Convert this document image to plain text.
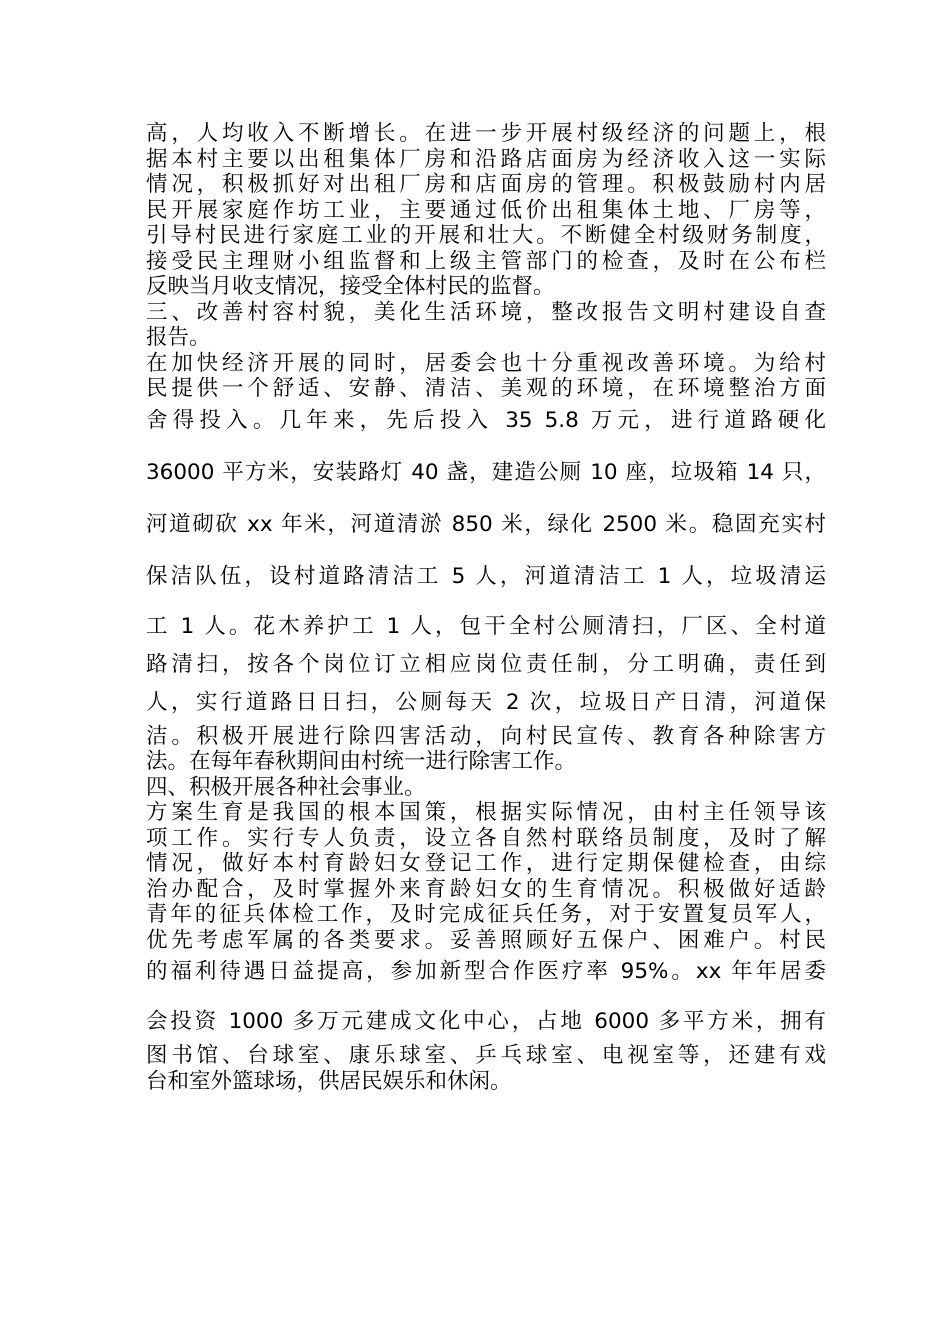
高，人均收入不断增长。在进一步开展村级经济的问题上，根
据本村主要以出租集体厂房和沿路店面房为经济收入这一实际
情况，积极抓好对出租厂房和店面房的管理。积极鼓励村内居
民开展家庭作坊工业，主要通过低价出租集体土地、厂房等，
引导村民进行家庭工业的开展和壮大。不断健全村级财务制度，
接受民主理财小组监督和上级主管部门的检查，及时在公布栏
反映当月收支情况，接受全体村民的监督。
三、改善村容村貌，美化生活环境，整改报告文明村建设自查
报告。
在加快经济开展的同时，居委会也十分重视改善环境。为给村
民提供一个舒适、安静、清洁、美观的环境，在环境整治方面
舍得投入。几年来，先后投入 35 5.8 万元，进行道路硬化
36000 平方米，安装路灯 40 盏，建造公厕 10 座，垃圾箱 14 只，
河道砌砍 xx 年米，河道清淤 850 米，绿化 2500 米。稳固充实村
保洁队伍，设村道路清洁工 5 人，河道清洁工 1 人，垃圾清运
工 1 人。花木养护工 1 人，包干全村公厕清扫，厂区、全村道
路清扫，按各个岗位订立相应岗位责任制，分工明确，责任到
人，实行道路日日扫，公厕每天 2 次，垃圾日产日清，河道保
洁。积极开展进行除四害活动，向村民宣传、教育各种除害方
法。在每年春秋期间由村统一进行除害工作。
四、积极开展各种社会事业。
方案生育是我国的根本国策，根据实际情况，由村主任领导该
项工作。实行专人负责，设立各自然村联络员制度，及时了解
情况，做好本村育龄妇女登记工作，进行定期保健检查，由综
治办配合，及时掌握外来育龄妇女的生育情况。积极做好适龄
青年的征兵体检工作，及时完成征兵任务，对于安置复员军人，
优先考虑军属的各类要求。妥善照顾好五保户、困难户。村民
的福利待遇日益提高，参加新型合作医疗率 95%。xx 年年居委
会投资 1000 多万元建成文化中心，占地 6000 多平方米，拥有
图书馆、台球室、康乐球室、乒乓球室、电视室等，还建有戏
台和室外篮球场，供居民娱乐和休闲。
